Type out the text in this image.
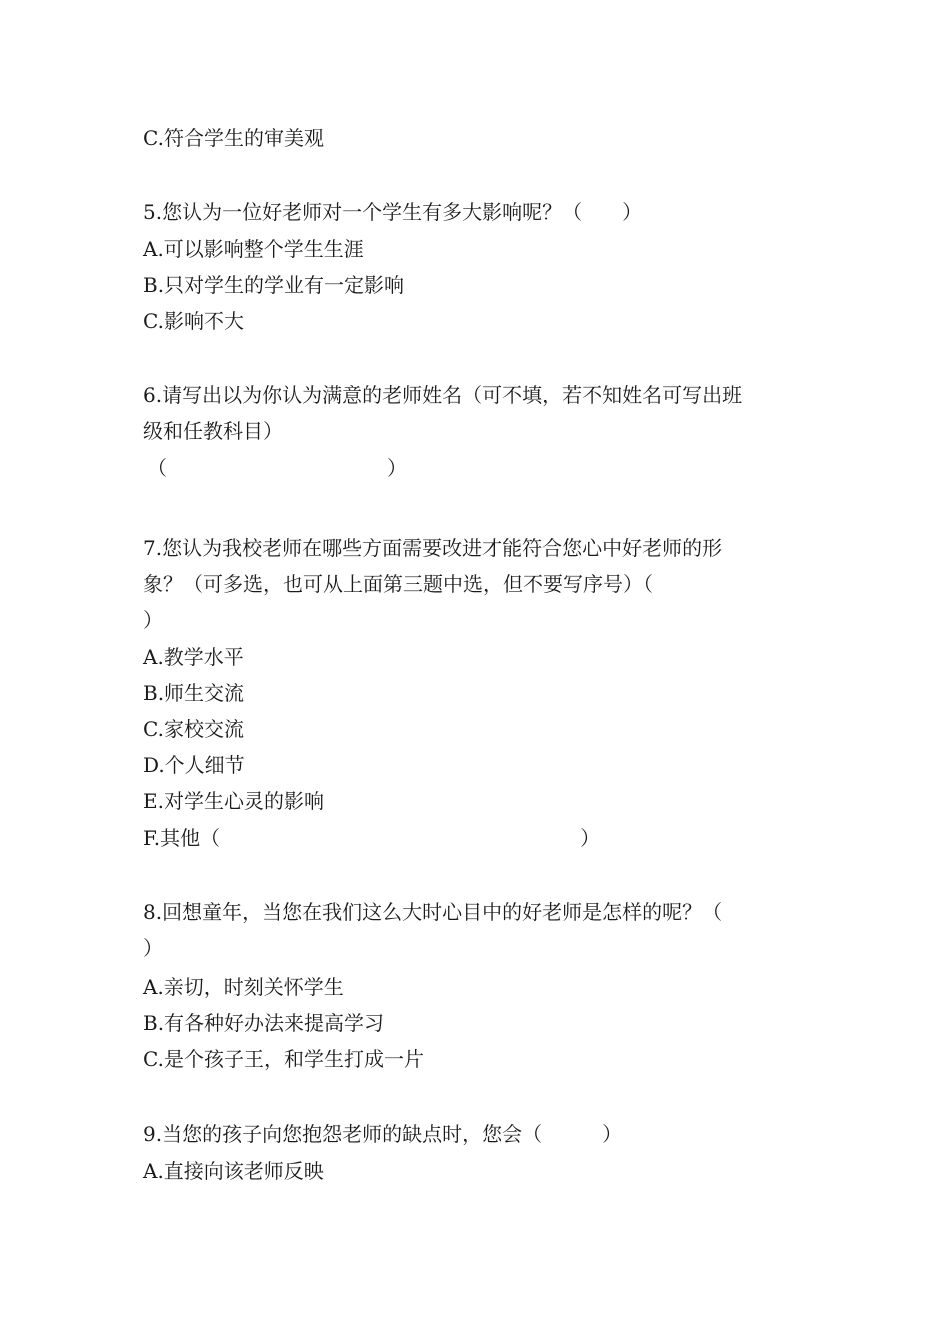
C.符合学生的审美观
5.您认为一位好老师对一个学生有多大影响呢？（　　）
A.可以影响整个学生生涯
B.只对学生的学业有一定影响
C.影响不大
6.请写出以为你认为满意的老师姓名（可不填，若不知姓名可写出班
级和任教科目）
（　　　　　　　　　　　）
7.您认为我校老师在哪些方面需要改进才能符合您心中好老师的形
象？（可多选，也可从上面第三题中选，但不要写序号）（
）
A.教学水平
B.师生交流
C.家校交流
D.个人细节
E.对学生心灵的影响
F.其他（　　　　　　　　　　　　　　　　　　）
8.回想童年，当您在我们这么大时心目中的好老师是怎样的呢？（
）
A.亲切，时刻关怀学生
B.有各种好办法来提高学习
C.是个孩子王，和学生打成一片
9.当您的孩子向您抱怨老师的缺点时，您会（　　　）
A.直接向该老师反映
